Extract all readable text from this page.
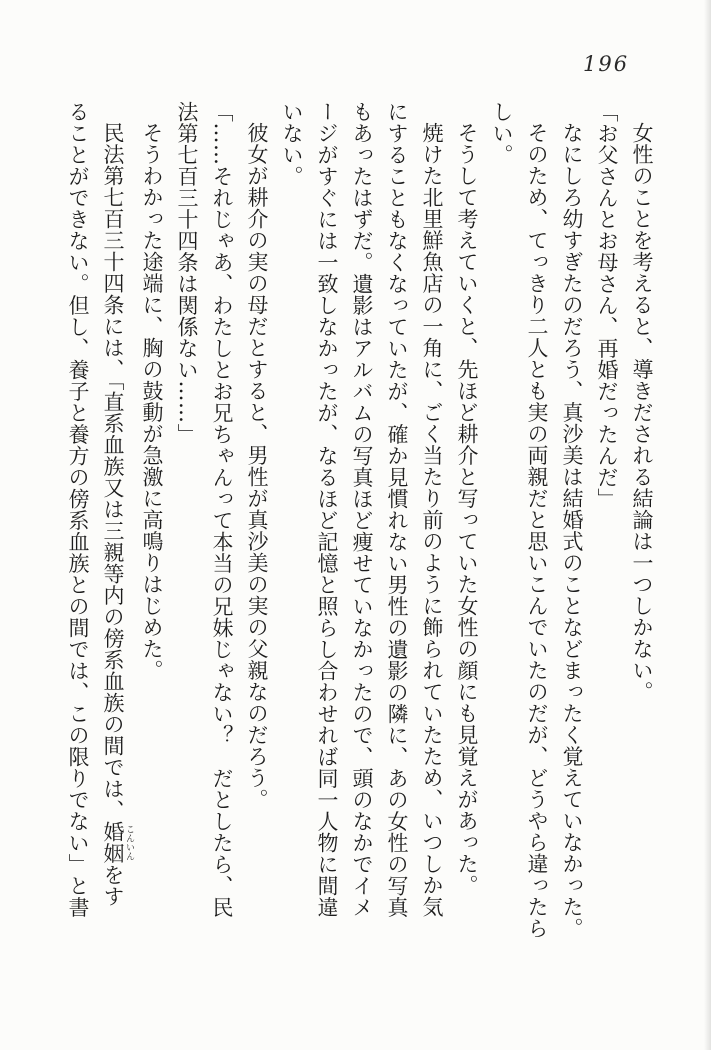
196

女性のことを考えると、導きだされる結論は一つしかない。

「お父さんとお母さん、再婚だったんだ」

なにしろ幼すぎたのだろう、真沙美は結婚式のことなどまったく覚えていなかった。

そのため、てっきり二人とも実の両親だと思いこんでいたのだが、どうやら違ったら

しい。

そうして考えていくと、先ほど耕介と写っていた女性の顔にも見覚えがあった。

焼けた北里鮮魚店の一角に、ごく当たり前のように飾られていたため、いつしか気

にすることもなくなっていたが、確か見慣れない男性の遺影の隣に、あの女性の写真

もあったはずだ。遺影はアルバムの写真ほど痩せていなかったので、頭のなかでイメ

ージがすぐには一致しなかったが、なるほど記憶と照らし合わせれば同一人物に間違

いない。

彼女が耕介の実の母だとすると、男性が真沙美の実の父親なのだろう。

「……それじゃあ、わたしとお兄ちゃんって本当の兄妹じゃない？　だとしたら、民

法第七百三十四条は関係ない……」

そうわかった途端に、胸の鼓動が急激に高鳴りはじめた。

民法第七百三十四条には、「直系血族又は三親等内の傍系血族の間では、婚姻 こんいんをす

ることができない。但し、養子と養方の傍系血族との間では、この限りでない」と書
